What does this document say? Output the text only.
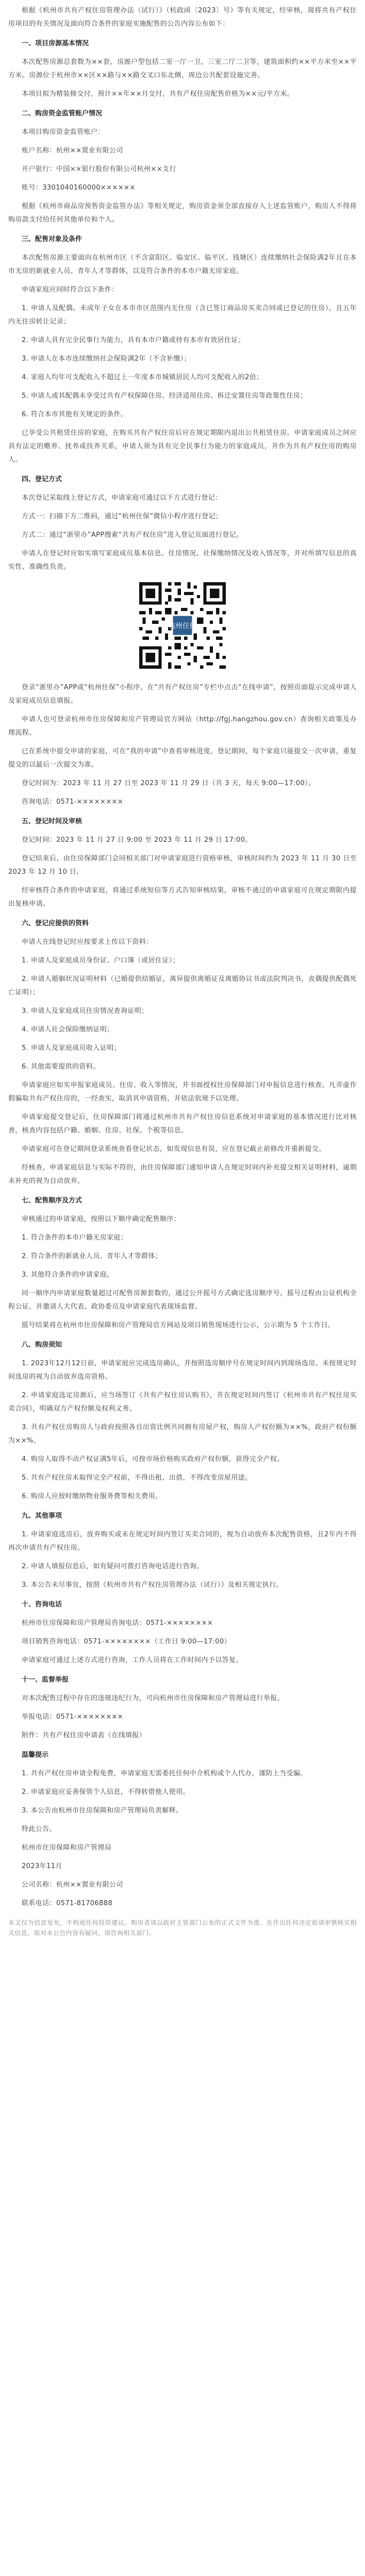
根据《杭州市共有产权住房管理办法（试行）》（杭政函〔2023〕号）等有关规定，经审核，现将共有产权住房项目的有关情况及面向符合条件的家庭实施配售的公告内容公布如下：

一、项目房源基本情况

本次配售房源总套数为××套，房源户型包括二室一厅一卫，三室二厅二卫等，建筑面积约××平方米至××平方米。房源位于杭州市××区××路与××路交叉口东北侧，周边公共配套设施完善。

本项目拟为精装修交付，预计××年××月交付，共有产权住房配售价格为××元/平方米。

二、购房资金监管账户情况

本项目购房资金监管账户：

账户名称：杭州××置业有限公司

开户银行：中国××银行股份有限公司杭州××支行

账号：3301040160000××××××

根据《杭州市商品房预售资金监管办法》等相关规定，购房资金须全部直接存入上述监管账户，购房人不得将购房款支付给任何其他单位和个人。

三、配售对象及条件

本次配售房源主要面向在杭州市区（不含富阳区、临安区、临平区、钱塘区）连续缴纳社会保险满2年且在本市无房的新就业人员、青年人才等群体，以及符合条件的本市户籍无房家庭。

申请家庭应同时符合以下条件：

1. 申请人及配偶、未成年子女在本市市区范围内无住房（含已签订商品房买卖合同或已登记的住房），且五年内无住房转让记录；

2. 申请人具有完全民事行为能力，具有本市户籍或持有本市有效居住证；

3. 申请人在本市连续缴纳社会保险满2年（不含补缴）；

4. 家庭人均年可支配收入不超过上一年度本市城镇居民人均可支配收入的2倍；

5. 申请人或其配偶未享受过共有产权保障住房、经济适用住房、拆迁安置住房等政策性住房；

6. 符合本市其他有关规定的条件。

已享受公共租赁住房的家庭，在购买共有产权住房后应在规定期限内退出公共租赁住房。申请家庭成员之间应具有法定的赡养、抚养或扶养关系，申请人须为具有完全民事行为能力的家庭成员，并作为共有产权住房的购房人。

四、登记方式

本次登记采取线上登记方式，申请家庭可通过以下方式进行登记：

方式一：扫描下方二维码，通过“杭州住保”微信小程序进行登记；

方式二：通过“浙里办”APP搜索“共有产权住房”进入登记页面进行登记。

申请人在登记时应如实填写家庭成员基本信息、住房情况、社保缴纳情况及收入情况等，并对所填写信息的真实性、准确性负责。

杭州住保

登录“浙里办”APP或“杭州住保”小程序，在“共有产权住房”专栏中点击“在线申请”，按照页面提示完成申请人及家庭成员信息填报。

申请人也可登录杭州市住房保障和房产管理局官方网站（http://fgj.hangzhou.gov.cn）查询相关政策及办理流程。

已在系统中提交申请的家庭，可在“我的申请”中查看审核进度。登记期间，每个家庭只能提交一次申请，重复提交的以最后一次提交为准。

登记时间为：2023 年 11 月 27 日至 2023 年 11 月 29 日（共 3 天，每天 9:00—17:00）。

咨询电话：0571-××××××××

五、登记时间及审核

登记时间：2023 年 11 月 27 日 9:00 至 2023 年 11 月 29 日 17:00。

登记结束后，由住房保障部门会同相关部门对申请家庭进行资格审核，审核时间约为 2023 年 11 月 30 日至 2023 年 12 月 10 日。

经审核符合条件的申请家庭，将通过系统短信等方式告知审核结果，审核不通过的申请家庭可在规定期限内提出复核申请。

六、登记应提供的资料

申请人在线登记时应按要求上传以下资料：

1. 申请人及家庭成员身份证、户口簿（或居住证）；

2. 申请人婚姻状况证明材料（已婚提供结婚证，离异提供离婚证及离婚协议书或法院判决书，丧偶提供配偶死亡证明）；

3. 申请人及家庭成员住房情况查询证明；

4. 申请人社会保险缴纳证明；

5. 申请人及家庭成员收入证明；

6. 其他需要提供的资料。

申请家庭应如实申报家庭成员、住房、收入等情况，并书面授权住房保障部门对申报信息进行核查。凡弄虚作假骗取共有产权住房的，一经查实，取消其申请资格，并依法依规予以处理。

申请家庭提交登记后，住房保障部门将通过杭州市共有产权住房信息系统对申请家庭的基本情况进行比对核查，核查内容包括户籍、婚姻、住房、社保、个税等信息。

申请家庭可在登记期间登录系统查看登记状态，如发现信息有误，应在登记截止前修改并重新提交。

经核查，申请家庭信息与实际不符的，由住房保障部门通知申请人在规定时间内补充提交相关证明材料，逾期未补充的视为自动放弃。

七、配售顺序及方式

审核通过的申请家庭，按照以下顺序确定配售顺序：

1. 符合条件的本市户籍无房家庭；

2. 符合条件的新就业人员、青年人才等群体；

3. 其他符合条件的申请家庭。

同一顺序内申请家庭数量超过可配售房源套数的，通过公开摇号方式确定选房顺序号。摇号过程由公证机构全程公证，并邀请人大代表、政协委员及申请家庭代表现场监督。

摇号结果将在杭州市住房保障和房产管理局官方网站及项目销售现场进行公示，公示期为 5 个工作日。

八、购房须知

1. 2023年12月12日前，申请家庭应完成选房确认，并按照选房顺序号在规定时间内到现场选房。未按规定时间选房的视为自动放弃选房资格。

2. 申请家庭选定房源后，应当场签订《共有产权住房认购书》，并在规定时间内签订《杭州市共有产权住房买卖合同》，明确双方产权份额及权利义务。

3. 共有产权住房购房人与政府按照各自出资比例共同拥有房屋产权，购房人产权份额为××%，政府产权份额为××%。

4. 购房人取得不动产权证满5年后，可按市场价格购买政府产权份额，获得完全产权。

5. 共有产权住房未取得完全产权前，不得出租、出借，不得改变房屋用途。

6. 购房人应按时缴纳物业服务费等相关费用。

九、其他事项

1. 申请家庭选房后，放弃购买或未在规定时间内签订买卖合同的，视为自动放弃本次配售资格，且2年内不得再次申请共有产权住房。

2. 申请人填报信息后，如有疑问可拨打咨询电话进行咨询。

3. 本公告未尽事宜，按照《杭州市共有产权住房管理办法（试行）》及相关规定执行。

十、咨询电话

杭州市住房保障和房产管理局咨询电话：0571-××××××××

项目销售咨询电话：0571-××××××××（工作日 9:00—17:00）

申请家庭可通过上述方式进行咨询，工作人员将在工作时间内予以答复。

十一、监督举报

对本次配售过程中存在的违规违纪行为，可向杭州市住房保障和房产管理局进行举报。

举报电话：0571-××××××××

附件：共有产权住房申请表（在线填报）

温馨提示

1. 共有产权住房申请全程免费，申请家庭无需委托任何中介机构或个人代办，谨防上当受骗。

2. 申请家庭应妥善保管个人信息，不得转借他人使用。

3. 本公告由杭州市住房保障和房产管理局负责解释。

特此公告。

杭州市住房保障和房产管理局

2023年11月

公司名称：杭州××置业有限公司

联系电话：0571-81706888

本文仅为信息发布，不构成任何投资建议。购房者请以政府主管部门公布的正式文件为准，在作出任何决定前请审慎核实相关信息。如对本公告内容有疑问，请咨询相关部门。
